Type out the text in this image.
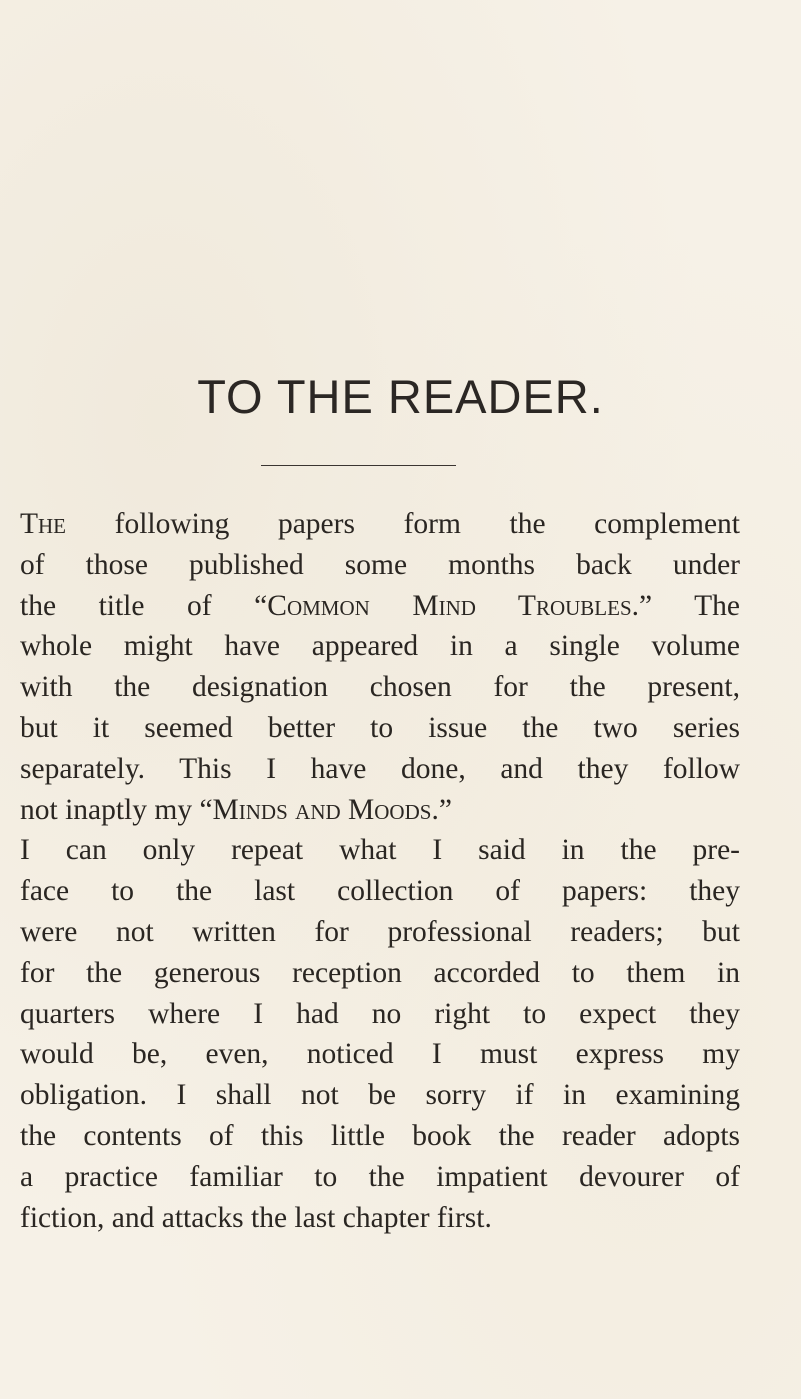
TO THE READER.
The following papers form the complement
of those published some months back under
the title of “Common Mind Troubles.” The
whole might have appeared in a single volume
with the designation chosen for the present,
but it seemed better to issue the two series
separately. This I have done, and they follow
not inaptly my “Minds and Moods.”
I can only repeat what I said in the pre-
face to the last collection of papers: they
were not written for professional readers; but
for the generous reception accorded to them in
quarters where I had no right to expect they
would be, even, noticed I must express my
obligation. I shall not be sorry if in examining
the contents of this little book the reader adopts
a practice familiar to the impatient devourer of
fiction, and attacks the last chapter first.
